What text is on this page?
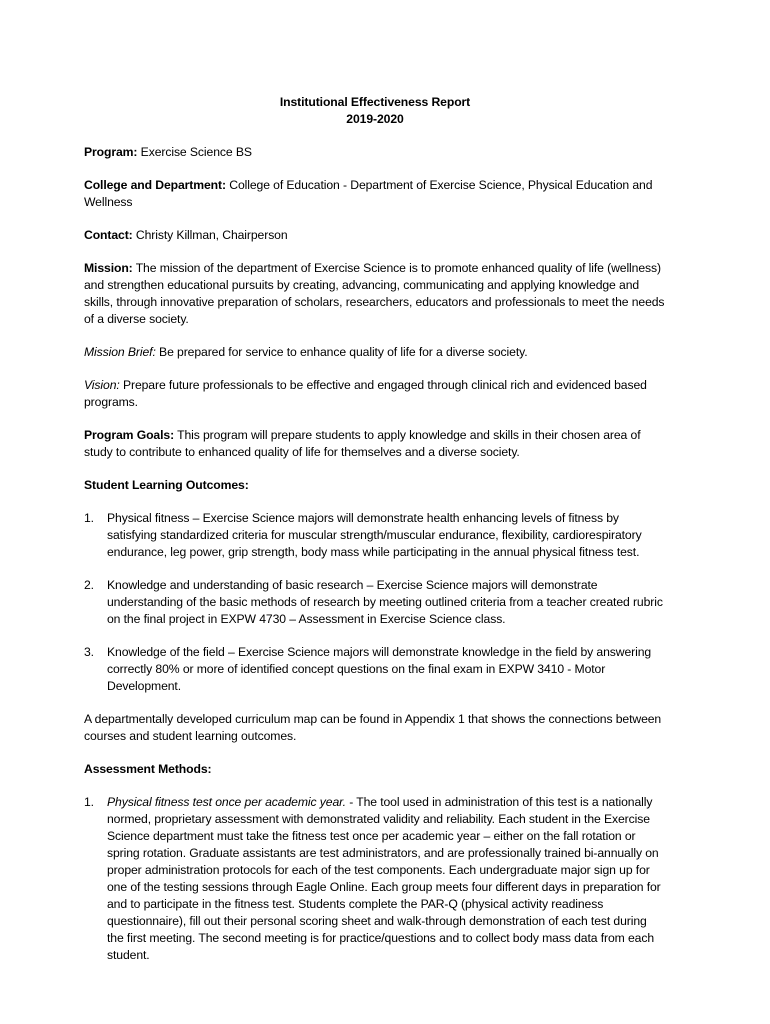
Institutional Effectiveness Report

2019-2020

Program: Exercise Science BS

College and Department: College of Education - Department of Exercise Science, Physical Education and Wellness

Contact: Christy Killman, Chairperson

Mission: The mission of the department of Exercise Science is to promote enhanced quality of life (wellness) and strengthen educational pursuits by creating, advancing, communicating and applying knowledge and skills, through innovative preparation of scholars, researchers, educators and professionals to meet the needs of a diverse society.

Mission Brief: Be prepared for service to enhance quality of life for a diverse society.

Vision: Prepare future professionals to be effective and engaged through clinical rich and evidenced based programs.

Program Goals: This program will prepare students to apply knowledge and skills in their chosen area of study to contribute to enhanced quality of life for themselves and a diverse society.

Student Learning Outcomes:

1. Physical fitness – Exercise Science majors will demonstrate health enhancing levels of fitness by satisfying standardized criteria for muscular strength/muscular endurance, flexibility, cardiorespiratory endurance, leg power, grip strength, body mass while participating in the annual physical fitness test.
2. Knowledge and understanding of basic research – Exercise Science majors will demonstrate understanding of the basic methods of research by meeting outlined criteria from a teacher created rubric on the final project in EXPW 4730 – Assessment in Exercise Science class.
3. Knowledge of the field – Exercise Science majors will demonstrate knowledge in the field by answering correctly 80% or more of identified concept questions on the final exam in EXPW 3410 - Motor Development.

A departmentally developed curriculum map can be found in Appendix 1 that shows the connections between courses and student learning outcomes.

Assessment Methods:

1. Physical fitness test once per academic year. - The tool used in administration of this test is a nationally normed, proprietary assessment with demonstrated validity and reliability. Each student in the Exercise Science department must take the fitness test once per academic year – either on the fall rotation or spring rotation. Graduate assistants are test administrators, and are professionally trained bi-annually on proper administration protocols for each of the test components. Each undergraduate major sign up for one of the testing sessions through Eagle Online. Each group meets four different days in preparation for and to participate in the fitness test. Students complete the PAR-Q (physical activity readiness questionnaire), fill out their personal scoring sheet and walk-through demonstration of each test during the first meeting. The second meeting is for practice/questions and to collect body mass data from each student.
